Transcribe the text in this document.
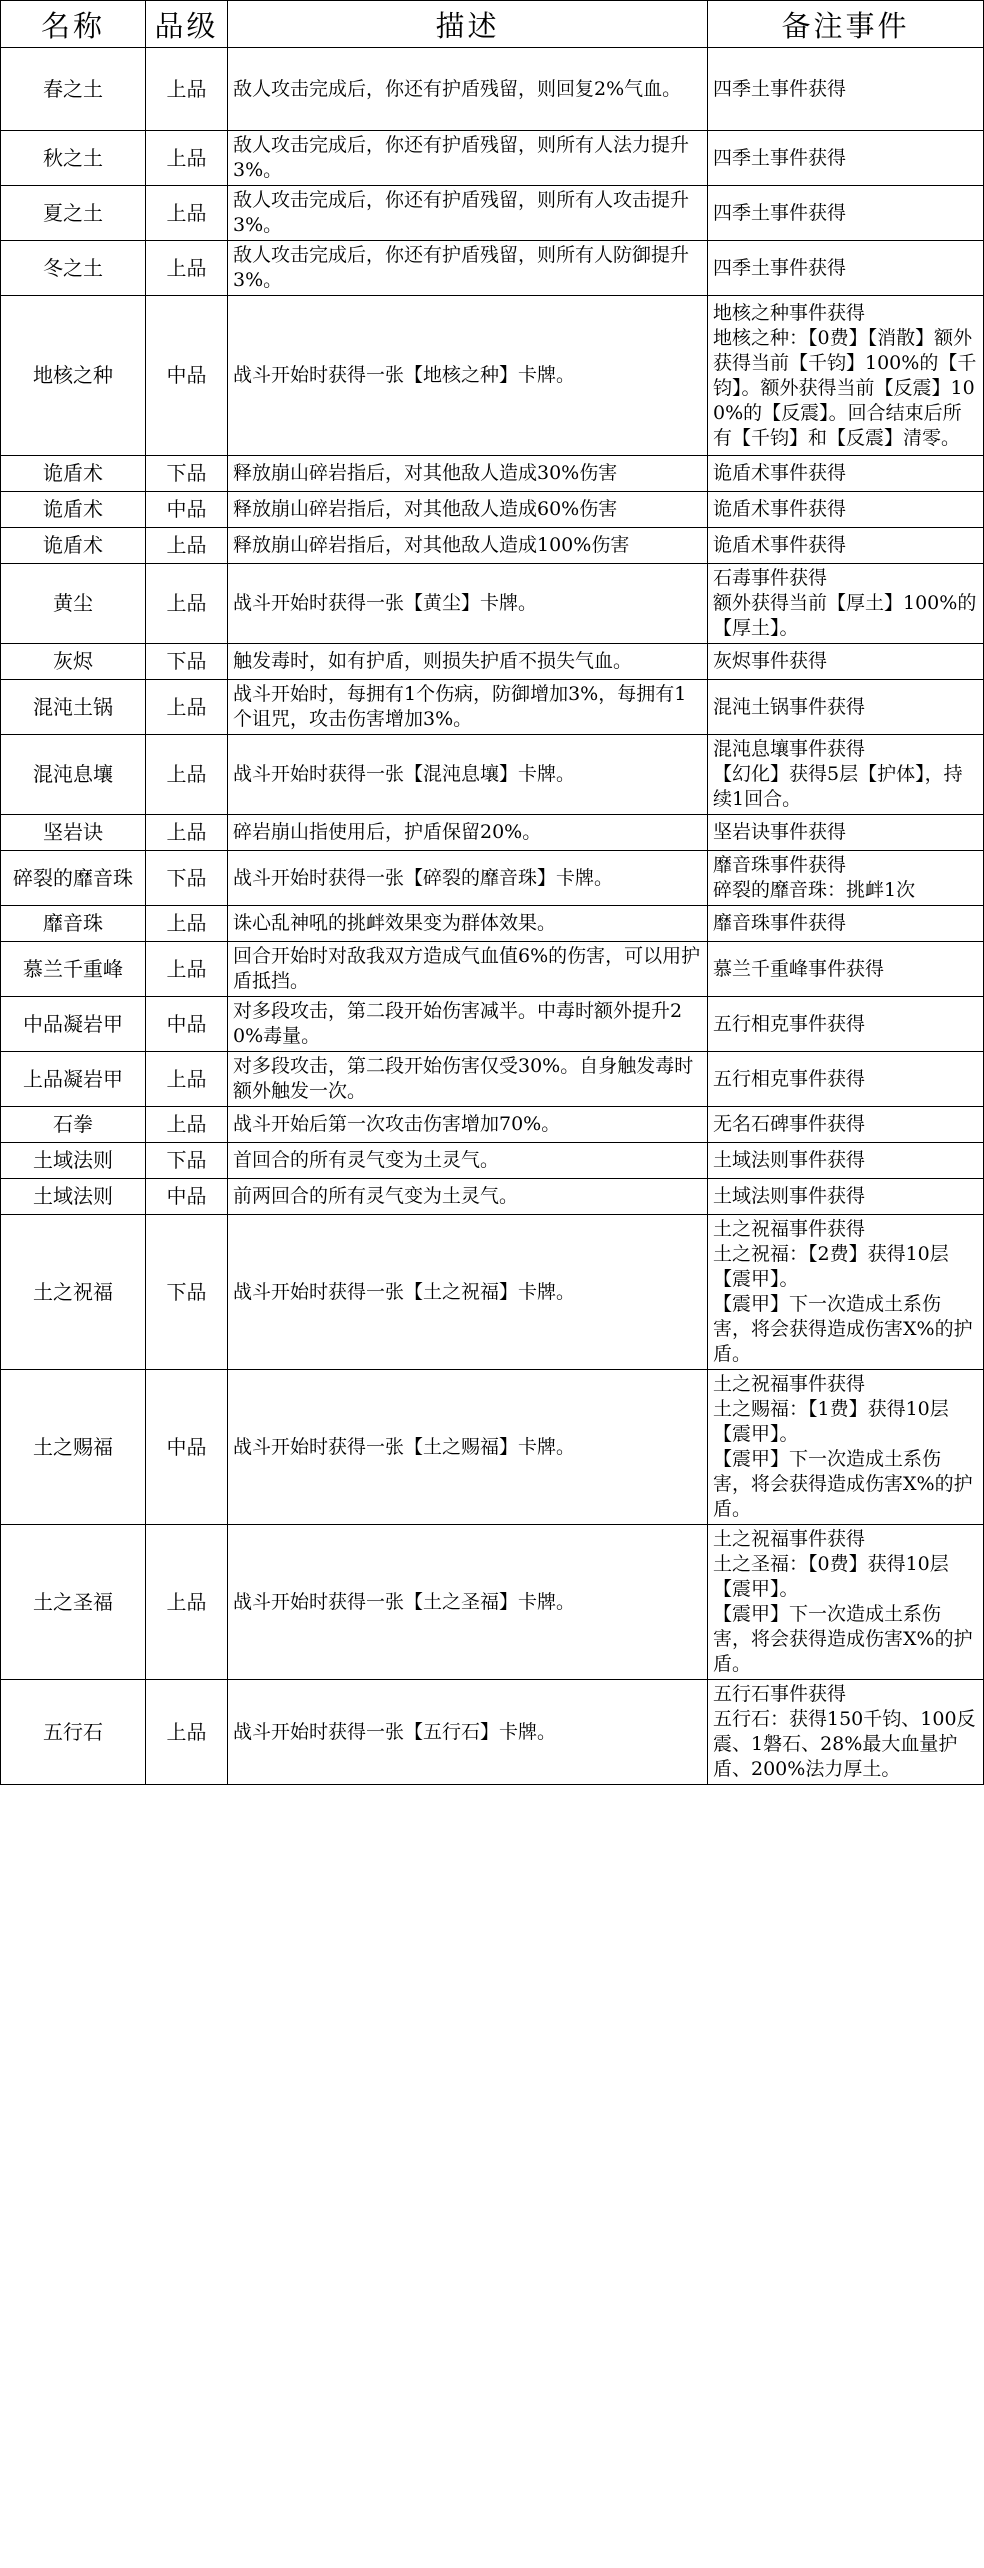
名称	品级	描述	备注事件
春之土	上品	敌人攻击完成后，你还有护盾残留，则回复2%气血。	四季土事件获得
秋之土	上品	敌人攻击完成后，你还有护盾残留，则所有人法力提升3%。	四季土事件获得
夏之土	上品	敌人攻击完成后，你还有护盾残留，则所有人攻击提升3%。	四季土事件获得
冬之土	上品	敌人攻击完成后，你还有护盾残留，则所有人防御提升3%。	四季土事件获得
地核之种	中品	战斗开始时获得一张【地核之种】卡牌。	地核之种事件获得
地核之种：【0费】【消散】额外获得当前【千钧】100%的【千钧】。额外获得当前【反震】100%的【反震】。回合结束后所有【千钧】和【反震】清零。
诡盾术	下品	释放崩山碎岩指后，对其他敌人造成30%伤害	诡盾术事件获得
诡盾术	中品	释放崩山碎岩指后，对其他敌人造成60%伤害	诡盾术事件获得
诡盾术	上品	释放崩山碎岩指后，对其他敌人造成100%伤害	诡盾术事件获得
黄尘	上品	战斗开始时获得一张【黄尘】卡牌。	石毒事件获得
额外获得当前【厚土】100%的【厚土】。
灰烬	下品	触发毒时，如有护盾，则损失护盾不损失气血。	灰烬事件获得
混沌土锅	上品	战斗开始时，每拥有1个伤病，防御增加3%，每拥有1个诅咒，攻击伤害增加3%。	混沌土锅事件获得
混沌息壤	上品	战斗开始时获得一张【混沌息壤】卡牌。	混沌息壤事件获得
【幻化】获得5层【护体】，持续1回合。
坚岩诀	上品	碎岩崩山指使用后，护盾保留20%。	坚岩诀事件获得
碎裂的靡音珠	下品	战斗开始时获得一张【碎裂的靡音珠】卡牌。	靡音珠事件获得
碎裂的靡音珠：挑衅1次
靡音珠	上品	诛心乱神吼的挑衅效果变为群体效果。	靡音珠事件获得
慕兰千重峰	上品	回合开始时对敌我双方造成气血值6%的伤害，可以用护盾抵挡。	慕兰千重峰事件获得
中品凝岩甲	中品	对多段攻击，第二段开始伤害减半。中毒时额外提升20%毒量。	五行相克事件获得
上品凝岩甲	上品	对多段攻击，第二段开始伤害仅受30%。自身触发毒时额外触发一次。	五行相克事件获得
石拳	上品	战斗开始后第一次攻击伤害增加70%。	无名石碑事件获得
土域法则	下品	首回合的所有灵气变为土灵气。	土域法则事件获得
土域法则	中品	前两回合的所有灵气变为土灵气。	土域法则事件获得
土之祝福	下品	战斗开始时获得一张【土之祝福】卡牌。	土之祝福事件获得
土之祝福：【2费】获得10层【震甲】。
【震甲】下一次造成土系伤害，将会获得造成伤害X%的护盾。
土之赐福	中品	战斗开始时获得一张【土之赐福】卡牌。	土之祝福事件获得
土之赐福：【1费】获得10层【震甲】。
【震甲】下一次造成土系伤害，将会获得造成伤害X%的护盾。
土之圣福	上品	战斗开始时获得一张【土之圣福】卡牌。	土之祝福事件获得
土之圣福：【0费】获得10层【震甲】。
【震甲】下一次造成土系伤害，将会获得造成伤害X%的护盾。
五行石	上品	战斗开始时获得一张【五行石】卡牌。	五行石事件获得
五行石：获得150千钧、100反震、1磐石、28%最大血量护盾、200%法力厚土。
